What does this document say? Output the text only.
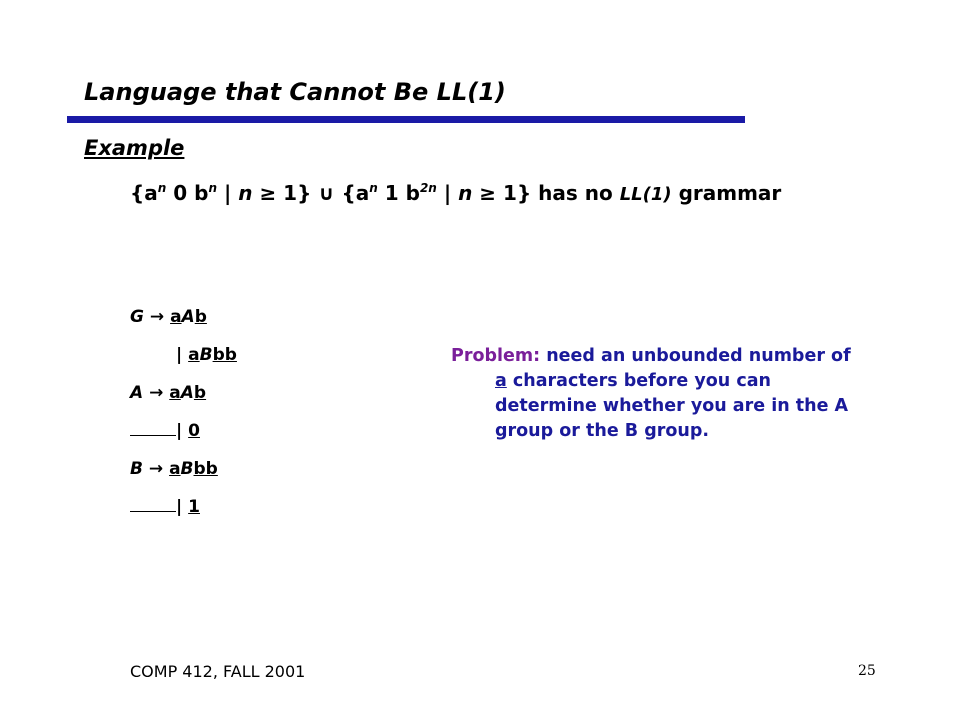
Language that Cannot Be LL(1)
Example
{$a^n$ 0 $b^n$ | n ≥ 1} ∪ {$a^n$ 1 $b^{2n}$ | n ≥ 1} has no LL(1) grammar
G → aAb
| aBbb
A → aAb
| 0
B → aBbb
| 1
Problem: need an unbounded number of
a characters before you can
determine whether you are in the A
group or the B group.
COMP 412, FALL 2001	25
